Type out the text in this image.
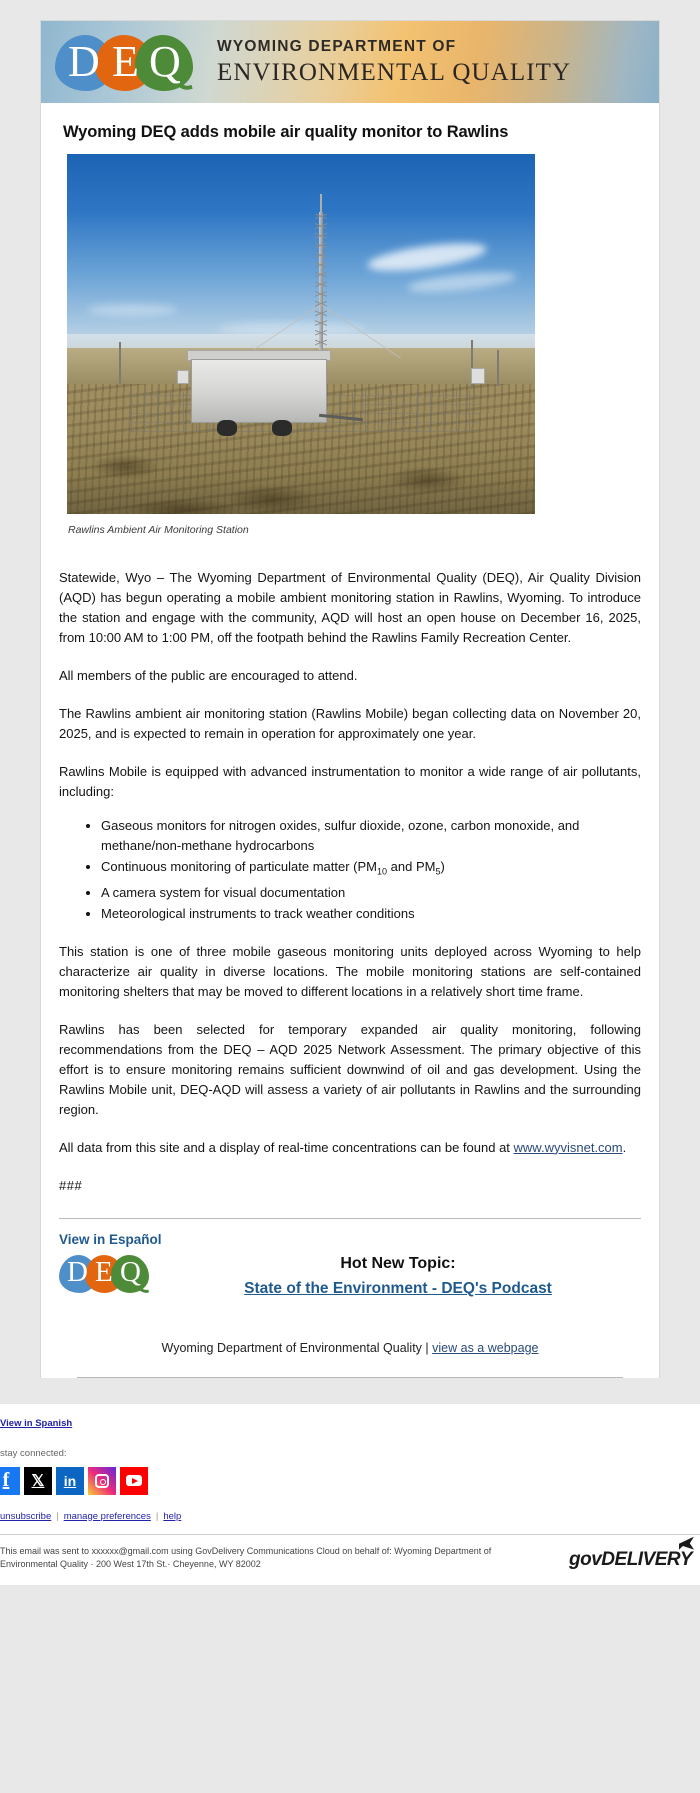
D E Q WYOMING DEPARTMENT OF
ENVIRONMENTAL QUALITY
Wyoming DEQ adds mobile air quality monitor to Rawlins
Rawlins Ambient Air Monitoring Station

Statewide, Wyo – The Wyoming Department of Environmental Quality (DEQ), Air Quality Division (AQD) has begun operating a mobile ambient monitoring station in Rawlins, Wyoming. To introduce the station and engage with the community, AQD will host an open house on December 16, 2025, from 10:00 AM to 1:00 PM, off the footpath behind the Rawlins Family Recreation Center.

All members of the public are encouraged to attend.

The Rawlins ambient air monitoring station (Rawlins Mobile) began collecting data on November 20, 2025, and is expected to remain in operation for approximately one year.

Rawlins Mobile is equipped with advanced instrumentation to monitor a wide range of air pollutants, including:

• Gaseous monitors for nitrogen oxides, sulfur dioxide, ozone, carbon monoxide, and methane/non-methane hydrocarbons
• Continuous monitoring of particulate matter ($PM_{10}$ and $PM_5$)
• A camera system for visual documentation
• Meteorological instruments to track weather conditions

This station is one of three mobile gaseous monitoring units deployed across Wyoming to help characterize air quality in diverse locations. The mobile monitoring stations are self-contained monitoring shelters that may be moved to different locations in a relatively short time frame.

Rawlins has been selected for temporary expanded air quality monitoring, following recommendations from the DEQ – AQD 2025 Network Assessment. The primary objective of this effort is to ensure monitoring remains sufficient downwind of oil and gas development. Using the Rawlins Mobile unit, DEQ-AQD will assess a variety of air pollutants in Rawlins and the surrounding region.

All data from this site and a display of real-time concentrations can be found at www.wyvisnet.com.

###

View in Español
D E Q	Hot New Topic:
State of the Environment - DEQ's Podcast
Wyoming Department of Environmental Quality | view as a webpage
View in Spanish
stay connected:
f 𝕏 in
unsubscribe | manage preferences | help
This email was sent to xxxxxx@gmail.com using GovDelivery Communications Cloud on behalf of: Wyoming Department of Environmental Quality · 200 West 17th St.· Cheyenne, WY 82002	govDELIVERY
